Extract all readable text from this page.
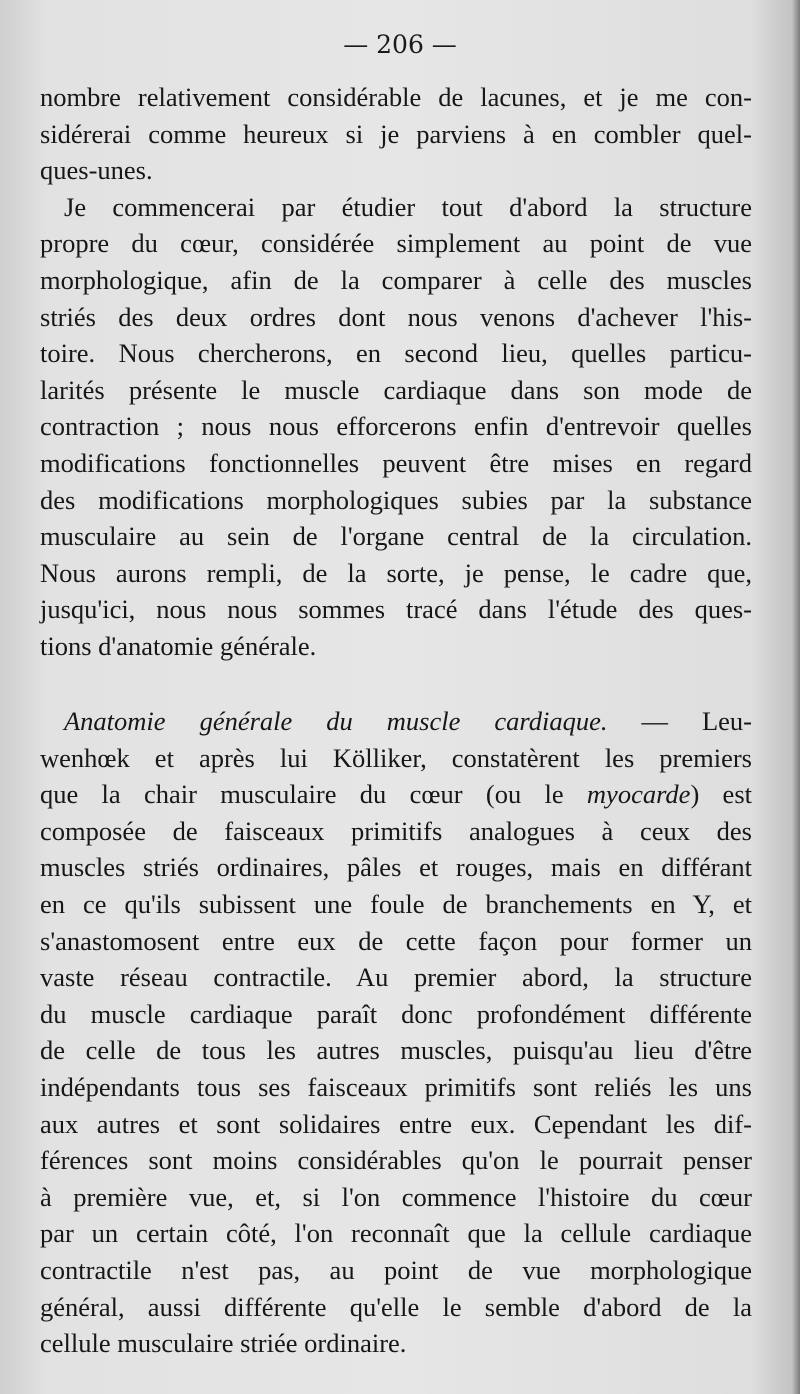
— 206 —
nombre relativement considérable de lacunes, et je me con-
sidérerai comme heureux si je parviens à en combler quel-
ques-unes.
Je commencerai par étudier tout d'abord la structure
propre du cœur, considérée simplement au point de vue
morphologique, afin de la comparer à celle des muscles
striés des deux ordres dont nous venons d'achever l'his-
toire. Nous chercherons, en second lieu, quelles particu-
larités présente le muscle cardiaque dans son mode de
contraction ; nous nous efforcerons enfin d'entrevoir quelles
modifications fonctionnelles peuvent être mises en regard
des modifications morphologiques subies par la substance
musculaire au sein de l'organe central de la circulation.
Nous aurons rempli, de la sorte, je pense, le cadre que,
jusqu'ici, nous nous sommes tracé dans l'étude des ques-
tions d'anatomie générale.
Anatomie générale du muscle cardiaque. — Leu-
wenhœk et après lui Kölliker, constatèrent les premiers
que la chair musculaire du cœur (ou le myocarde) est
composée de faisceaux primitifs analogues à ceux des
muscles striés ordinaires, pâles et rouges, mais en différant
en ce qu'ils subissent une foule de branchements en Y, et
s'anastomosent entre eux de cette façon pour former un
vaste réseau contractile. Au premier abord, la structure
du muscle cardiaque paraît donc profondément différente
de celle de tous les autres muscles, puisqu'au lieu d'être
indépendants tous ses faisceaux primitifs sont reliés les uns
aux autres et sont solidaires entre eux. Cependant les dif-
férences sont moins considérables qu'on le pourrait penser
à première vue, et, si l'on commence l'histoire du cœur
par un certain côté, l'on reconnaît que la cellule cardiaque
contractile n'est pas, au point de vue morphologique
général, aussi différente qu'elle le semble d'abord de la
cellule musculaire striée ordinaire.
